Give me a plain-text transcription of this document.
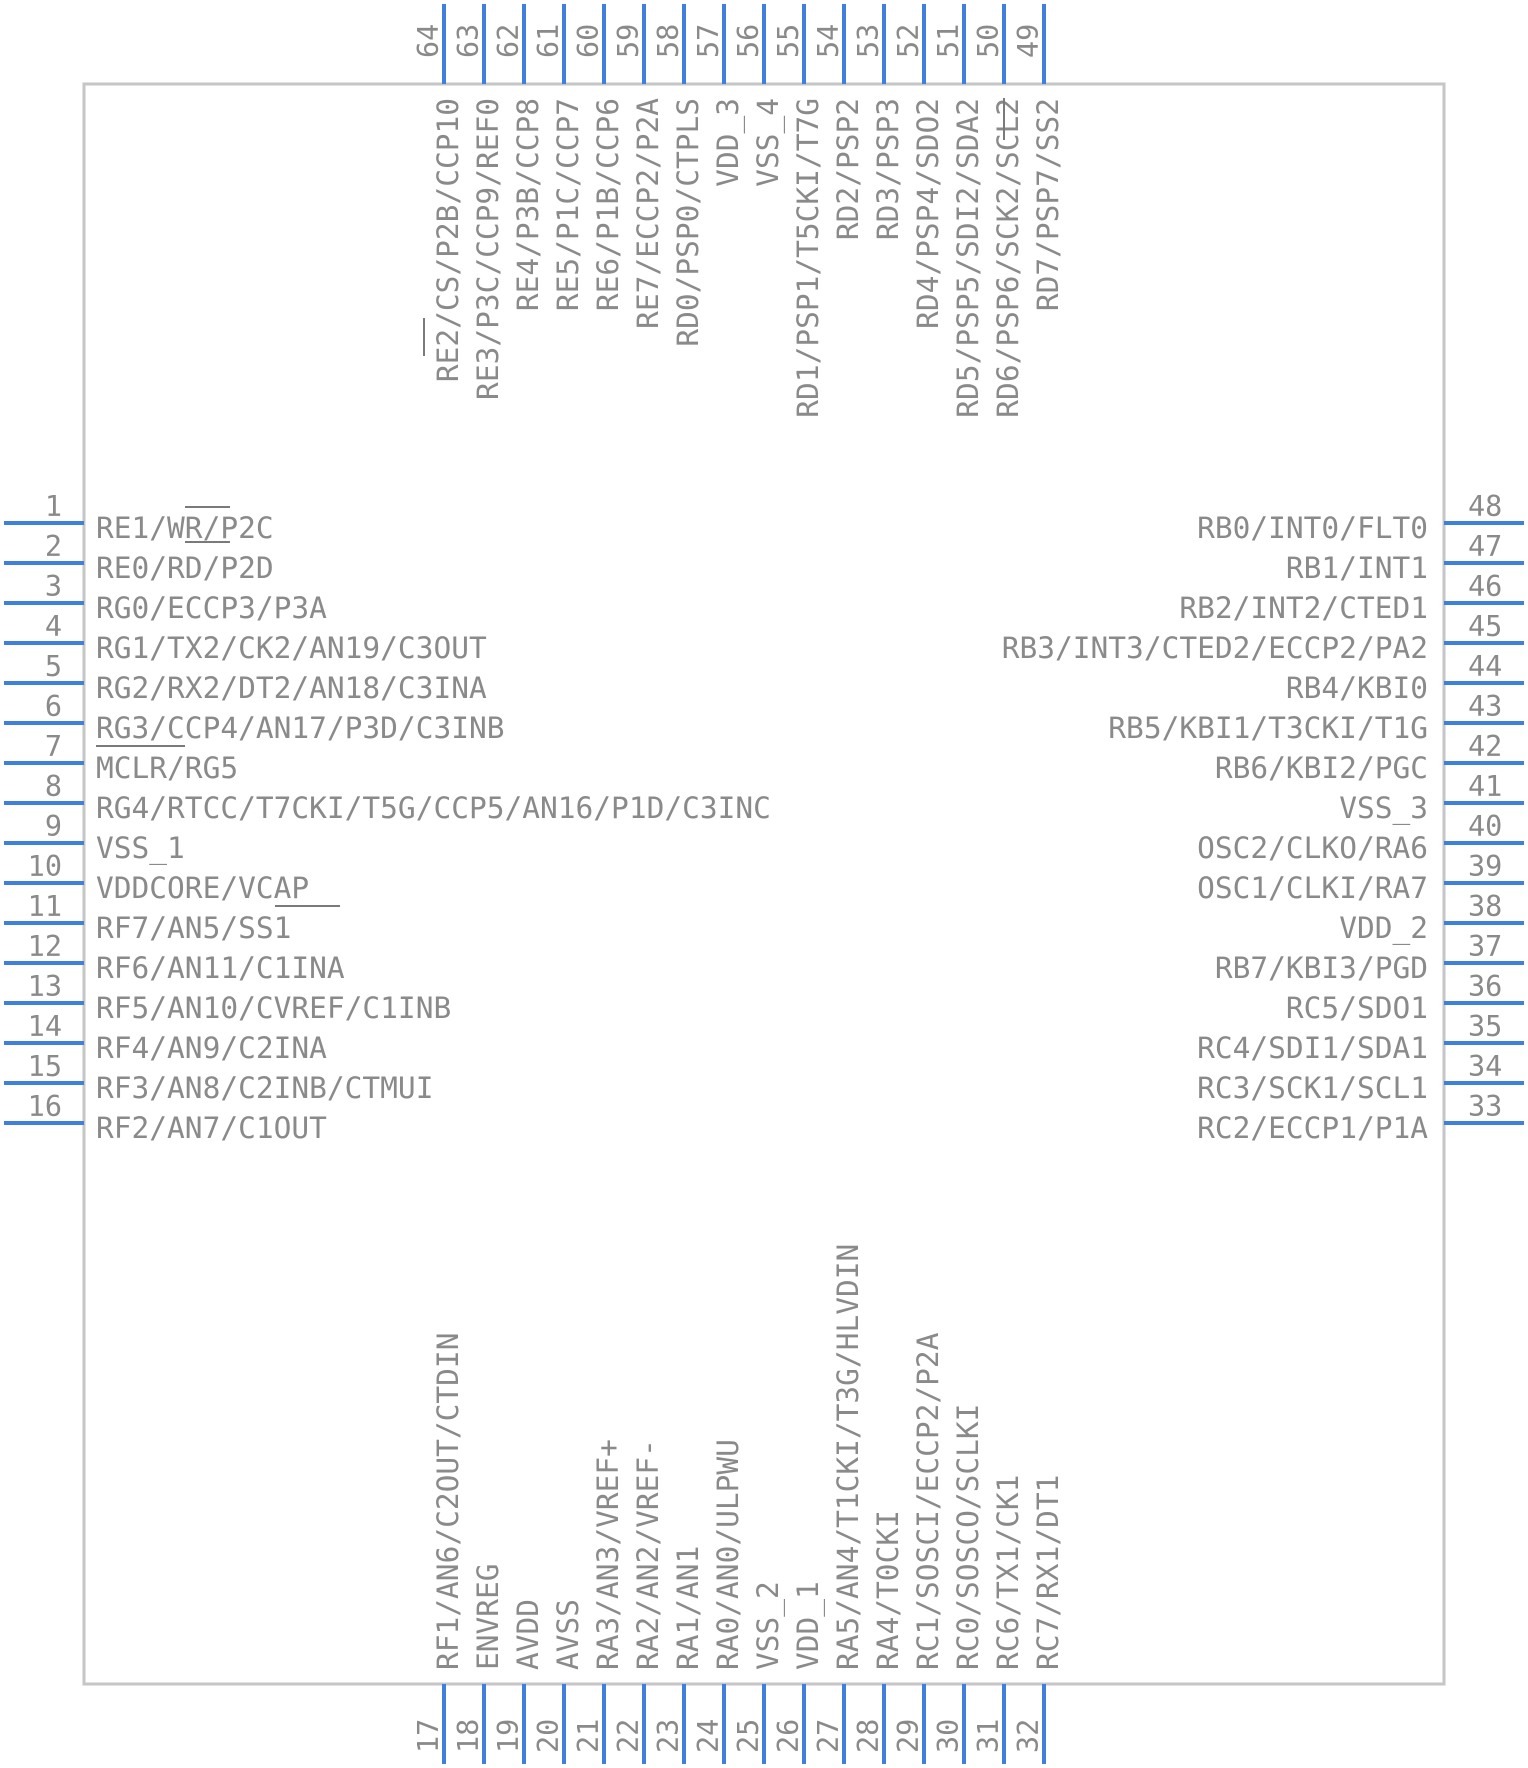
1
RE1/WR/P2C
2
RE0/RD/P2D
3
RG0/ECCP3/P3A
4
RG1/TX2/CK2/AN19/C3OUT
5
RG2/RX2/DT2/AN18/C3INA
6
RG3/CCP4/AN17/P3D/C3INB
7
MCLR/RG5
8
RG4/RTCC/T7CKI/T5G/CCP5/AN16/P1D/C3INC
9
VSS_1
10
VDDCORE/VCAP
11
RF7/AN5/SS1
12
RF6/AN11/C1INA
13
RF5/AN10/CVREF/C1INB
14
RF4/AN9/C2INA
15
RF3/AN8/C2INB/CTMUI
16
RF2/AN7/C1OUT
33
RC2/ECCP1/P1A
34
RC3/SCK1/SCL1
35
RC4/SDI1/SDA1
36
RC5/SDO1
37
RB7/KBI3/PGD
38
VDD_2
39
OSC1/CLKI/RA7
40
OSC2/CLKO/RA6
41
VSS_3
42
RB6/KBI2/PGC
43
RB5/KBI1/T3CKI/T1G
44
RB4/KBI0
45
RB3/INT3/CTED2/ECCP2/PA2
46
RB2/INT2/CTED1
47
RB1/INT1
48
RB0/INT0/FLT0
49
RD7/PSP7/SS2
50
RD6/PSP6/SCK2/SCL2
51
RD5/PSP5/SDI2/SDA2
52
RD4/PSP4/SDO2
53
RD3/PSP3
54
RD2/PSP2
55
RD1/PSP1/T5CKI/T7G
56
VSS_4
57
VDD_3
58
RD0/PSP0/CTPLS
59
RE7/ECCP2/P2A
60
RE6/P1B/CCP6
61
RE5/P1C/CCP7
62
RE4/P3B/CCP8
63
RE3/P3C/CCP9/REF0
64
RE2/CS/P2B/CCP10
17
RF1/AN6/C2OUT/CTDIN
18
ENVREG
19
AVDD
20
AVSS
21
RA3/AN3/VREF+
22
RA2/AN2/VREF-
23
RA1/AN1
24
RA0/AN0/ULPWU
25
VSS_2
26
VDD_1
27
RA5/AN4/T1CKI/T3G/HLVDIN
28
RA4/T0CKI
29
RC1/SOSCI/ECCP2/P2A
30
RC0/SOSCO/SCLKI
31
RC6/TX1/CK1
32
RC7/RX1/DT1
